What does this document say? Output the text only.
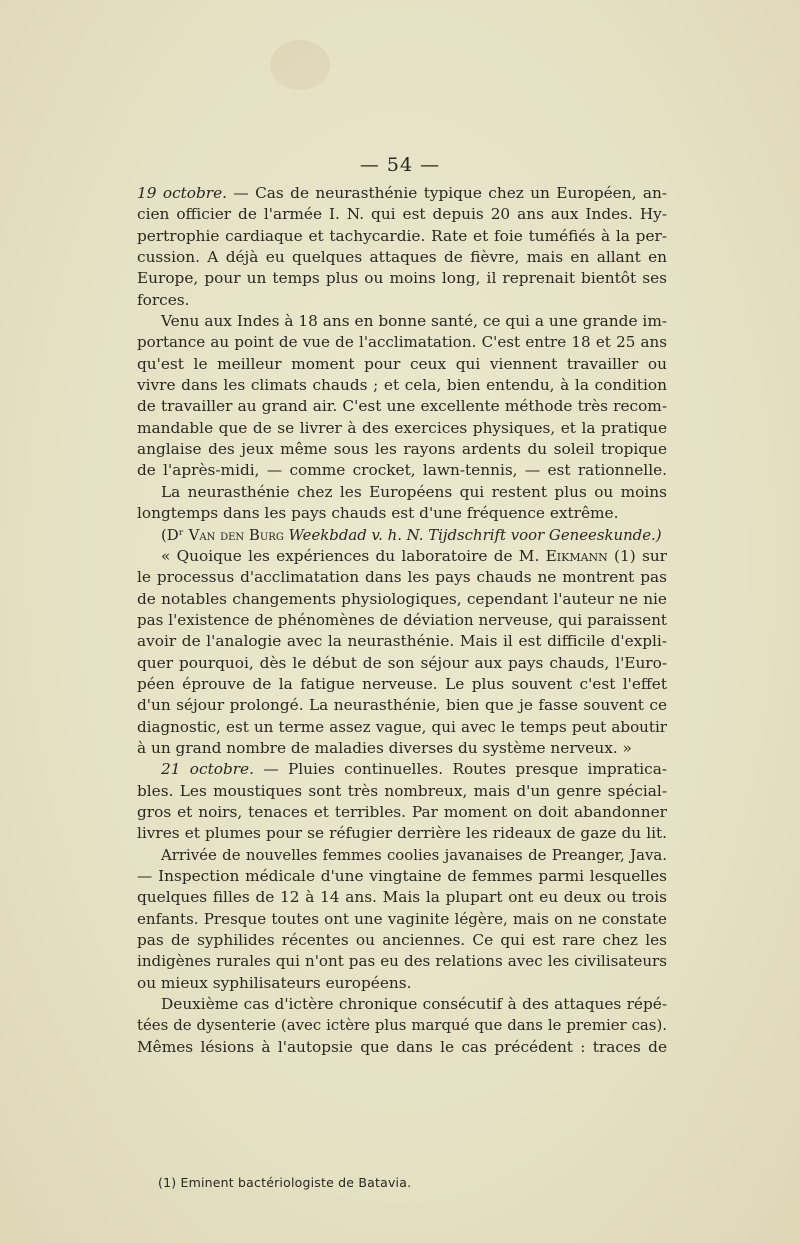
— 54 —
19 octobre. — Cas de neurasthénie typique chez un Européen, an-
cien officier de l'armée I. N. qui est depuis 20 ans aux Indes. Hy-
pertrophie cardiaque et tachycardie. Rate et foie tuméfiés à la per-
cussion. A déjà eu quelques attaques de fièvre, mais en allant en
Europe, pour un temps plus ou moins long, il reprenait bientôt ses
forces.
Venu aux Indes à 18 ans en bonne santé, ce qui a une grande im-
portance au point de vue de l'acclimatation. C'est entre 18 et 25 ans
qu'est le meilleur moment pour ceux qui viennent travailler ou
vivre dans les climats chauds ; et cela, bien entendu, à la condition
de travailler au grand air. C'est une excellente méthode très recom-
mandable que de se livrer à des exercices physiques, et la pratique
anglaise des jeux même sous les rayons ardents du soleil tropique
de l'après-midi, — comme crocket, lawn-tennis, — est rationnelle.
La neurasthénie chez les Européens qui restent plus ou moins
longtemps dans les pays chauds est d'une fréquence extrême.
(Dʳ Van den Burg Weekbdad v. h. N. Tijdschrift voor Geneeskunde.)
« Quoique les expériences du laboratoire de M. Eikmann (1) sur
le processus d'acclimatation dans les pays chauds ne montrent pas
de notables changements physiologiques, cependant l'auteur ne nie
pas l'existence de phénomènes de déviation nerveuse, qui paraissent
avoir de l'analogie avec la neurasthénie. Mais il est difficile d'expli-
quer pourquoi, dès le début de son séjour aux pays chauds, l'Euro-
péen éprouve de la fatigue nerveuse. Le plus souvent c'est l'effet
d'un séjour prolongé. La neurasthénie, bien que je fasse souvent ce
diagnostic, est un terme assez vague, qui avec le temps peut aboutir
à un grand nombre de maladies diverses du système nerveux. »
21 octobre. — Pluies continuelles. Routes presque impratica-
bles. Les moustiques sont très nombreux, mais d'un genre spécial-
gros et noirs, tenaces et terribles. Par moment on doit abandonner
livres et plumes pour se réfugier derrière les rideaux de gaze du lit.
Arrivée de nouvelles femmes coolies javanaises de Preanger, Java.
— Inspection médicale d'une vingtaine de femmes parmi lesquelles
quelques filles de 12 à 14 ans. Mais la plupart ont eu deux ou trois
enfants. Presque toutes ont une vaginite légère, mais on ne constate
pas de syphilides récentes ou anciennes. Ce qui est rare chez les
indigènes rurales qui n'ont pas eu des relations avec les civilisateurs
ou mieux syphilisateurs européens.
Deuxième cas d'ictère chronique consécutif à des attaques répé-
tées de dysenterie (avec ictère plus marqué que dans le premier cas).
Mêmes lésions à l'autopsie que dans le cas précédent : traces de
(1) Eminent bactériologiste de Batavia.
